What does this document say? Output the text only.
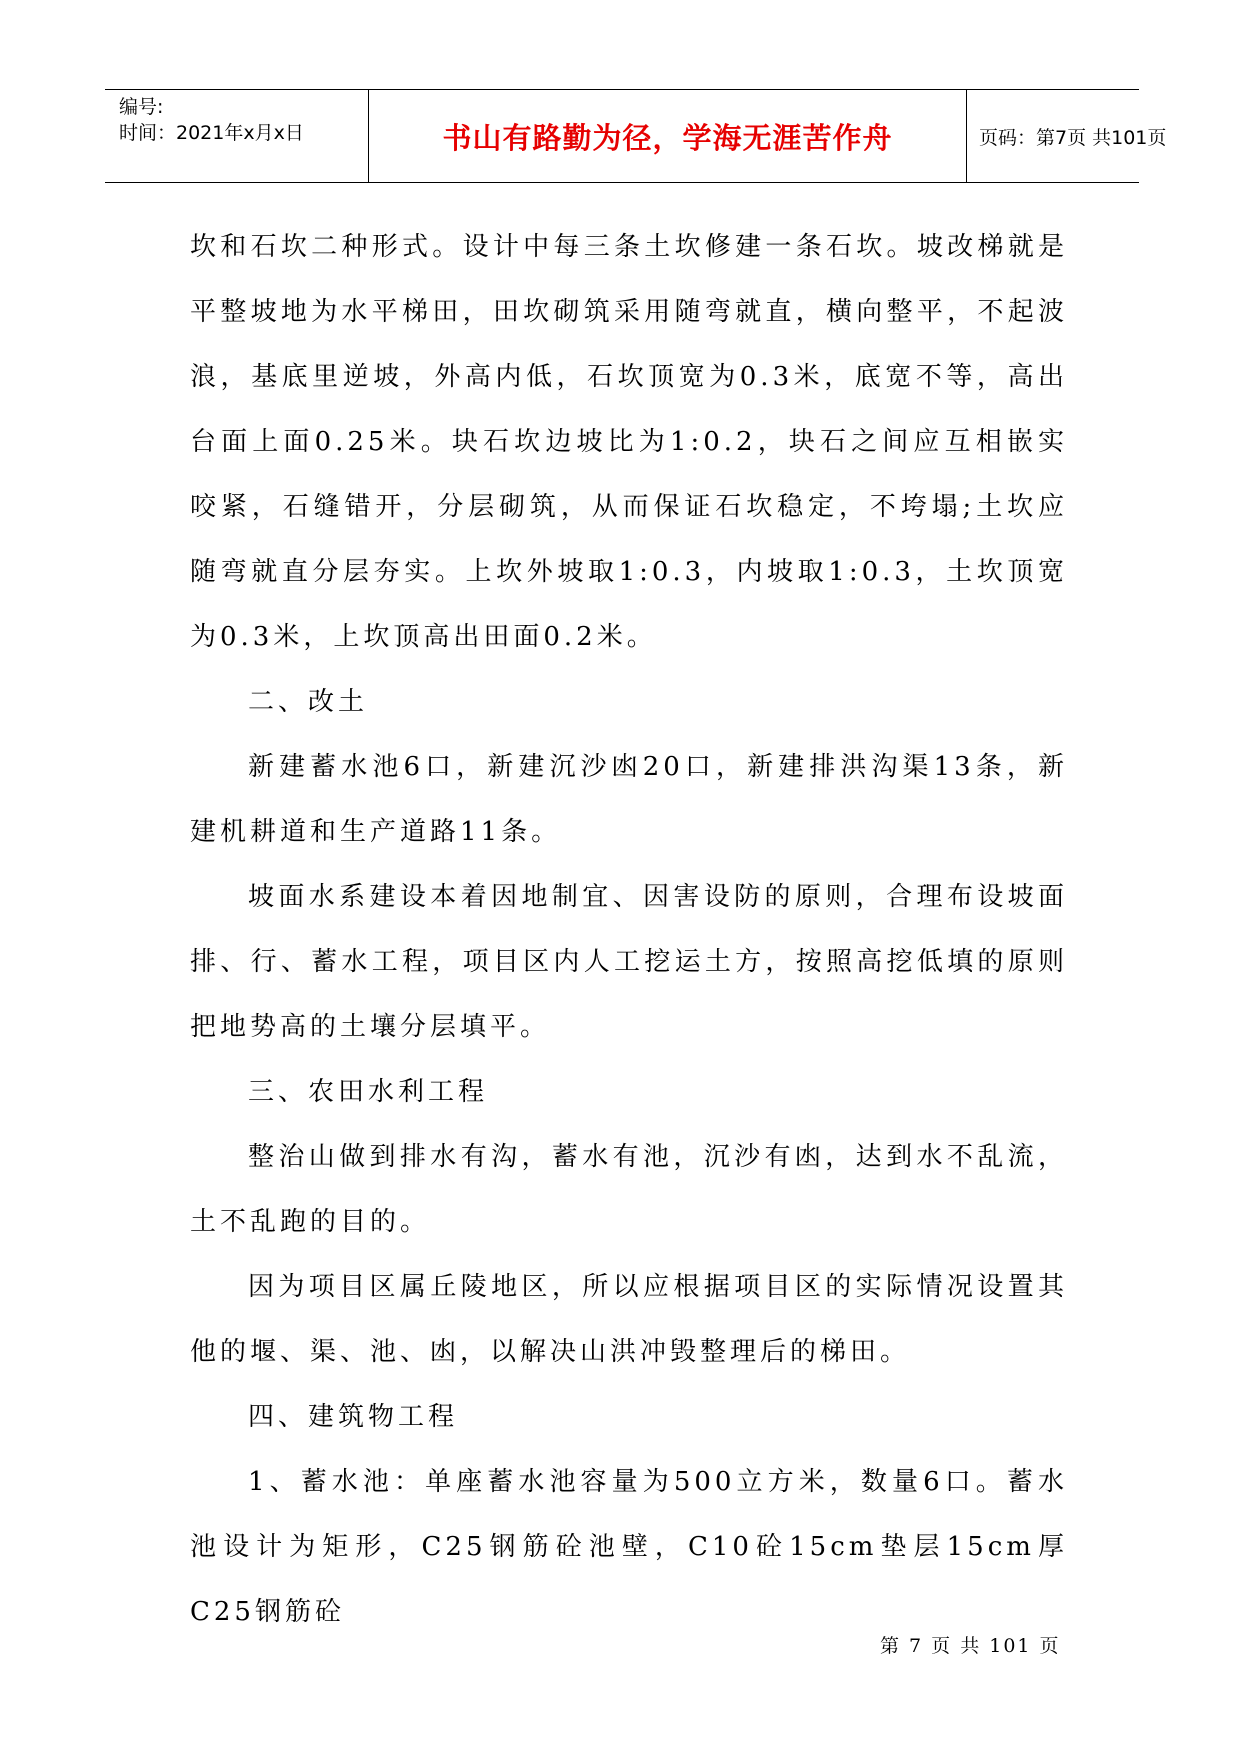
编号:
时间：2021年x月x日	书山有路勤为径，学海无涯苦作舟	页码：第7页 共101页

坎和石坎二种形式。设计中每三条土坎修建一条石坎。坡改梯就是平整坡地为水平梯田，田坎砌筑采用随弯就直，横向整平，不起波浪，基底里逆坡，外高内低，石坎顶宽为0.3米，底宽不等，高出台面上面0.25米。块石坎边坡比为1:0.2，块石之间应互相嵌实咬紧，石缝错开，分层砌筑，从而保证石坎稳定，不垮塌;土坎应随弯就直分层夯实。上坎外坡取1:0.3，内坡取1:0.3，土坎顶宽为0.3米，上坎顶高出田面0.2米。

二、改土

新建蓄水池6口，新建沉沙凼20口，新建排洪沟渠13条，新建机耕道和生产道路11条。

坡面水系建设本着因地制宜、因害设防的原则，合理布设坡面排、行、蓄水工程，项目区内人工挖运土方，按照高挖低填的原则把地势高的土壤分层填平。

三、农田水利工程

整治山做到排水有沟，蓄水有池，沉沙有凼，达到水不乱流，土不乱跑的目的。

因为项目区属丘陵地区，所以应根据项目区的实际情况设置其他的堰、渠、池、凼，以解决山洪冲毁整理后的梯田。

四、建筑物工程

1、蓄水池：单座蓄水池容量为500立方米，数量6口。蓄水池设计为矩形，C25钢筋砼池壁，C10砼15cm垫层15cm厚C25钢筋砼

第 7 页 共 101 页
